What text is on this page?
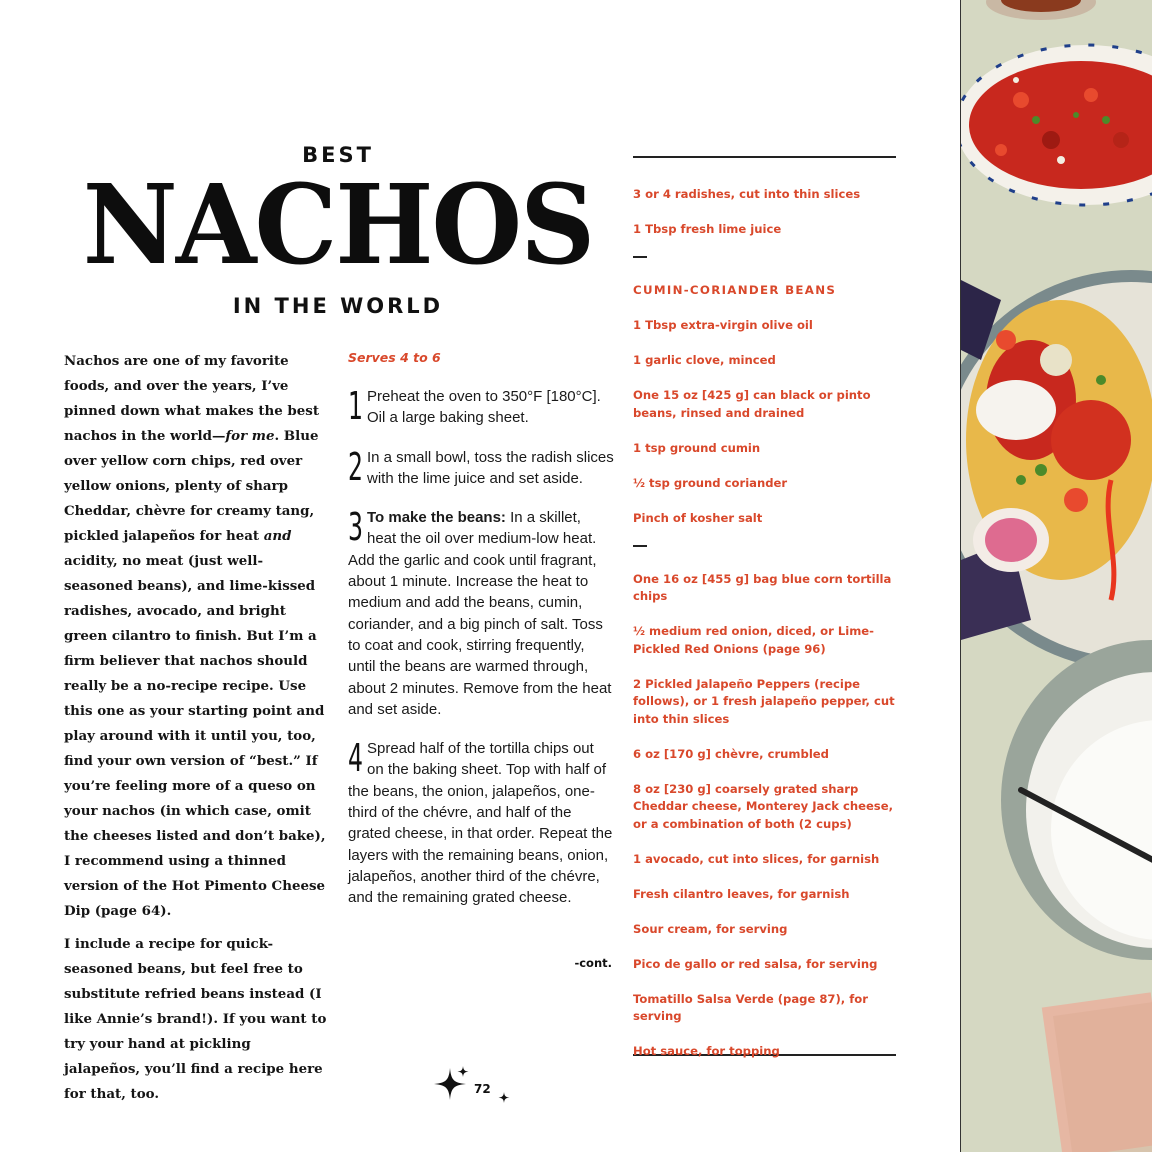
BEST
NACHOS
IN THE WORLD

Nachos are one of my favorite foods, and over the years, I’ve pinned down what makes the best nachos in the world—for me. Blue over yellow corn chips, red over yellow onions, plenty of sharp Cheddar, chèvre for creamy tang, pickled jalapeños for heat and acidity, no meat (just well-seasoned beans), and lime-kissed radishes, avocado, and bright green cilantro to finish. But I’m a firm believer that nachos should really be a no-recipe recipe. Use this one as your starting point and play around with it until you, too, find your own version of “best.” If you’re feeling more of a queso on your nachos (in which case, omit the cheeses listed and don’t bake), I recommend using a thinned version of the Hot Pimento Cheese Dip (page 64).

I include a recipe for quick-seasoned beans, but feel free to substitute refried beans instead (I like Annie’s brand!). If you want to try your hand at pickling jalapeños, you’ll find a recipe here for that, too.

Serves 4 to 6
1 Preheat the oven to 350°F [180°C]. Oil a large baking sheet.
2 In a small bowl, toss the radish slices with the lime juice and set aside.
3 To make the beans: In a skillet, heat the oil over medium-low heat. Add the garlic and cook until fragrant, about 1 minute. Increase the heat to medium and add the beans, cumin, coriander, and a big pinch of salt. Toss to coat and cook, stirring frequently, until the beans are warmed through, about 2 minutes. Remove from the heat and set aside.
4 Spread half of the tortilla chips out on the baking sheet. Top with half of the beans, the onion, jalapeños, one-third of the chévre, and half of the grated cheese, in that order. Repeat the layers with the remaining beans, onion, jalapeños, another third of the chévre, and the remaining grated cheese.
-cont.
3 or 4 radishes, cut into thin slices
1 Tbsp fresh lime juice
CUMIN-CORIANDER BEANS
1 Tbsp extra-virgin olive oil
1 garlic clove, minced
One 15 oz [425 g] can black or pinto beans, rinsed and drained
1 tsp ground cumin
½ tsp ground coriander
Pinch of kosher salt
One 16 oz [455 g] bag blue corn tortilla chips
½ medium red onion, diced, or Lime-Pickled Red Onions (page 96)
2 Pickled Jalapeño Peppers (recipe follows), or 1 fresh jalapeño pepper, cut into thin slices
6 oz [170 g] chèvre, crumbled
8 oz [230 g] coarsely grated sharp Cheddar cheese, Monterey Jack cheese, or a combination of both (2 cups)
1 avocado, cut into slices, for garnish
Fresh cilantro leaves, for garnish
Sour cream, for serving
Pico de gallo or red salsa, for serving
Tomatillo Salsa Verde (page 87), for serving
Hot sauce, for topping
72
